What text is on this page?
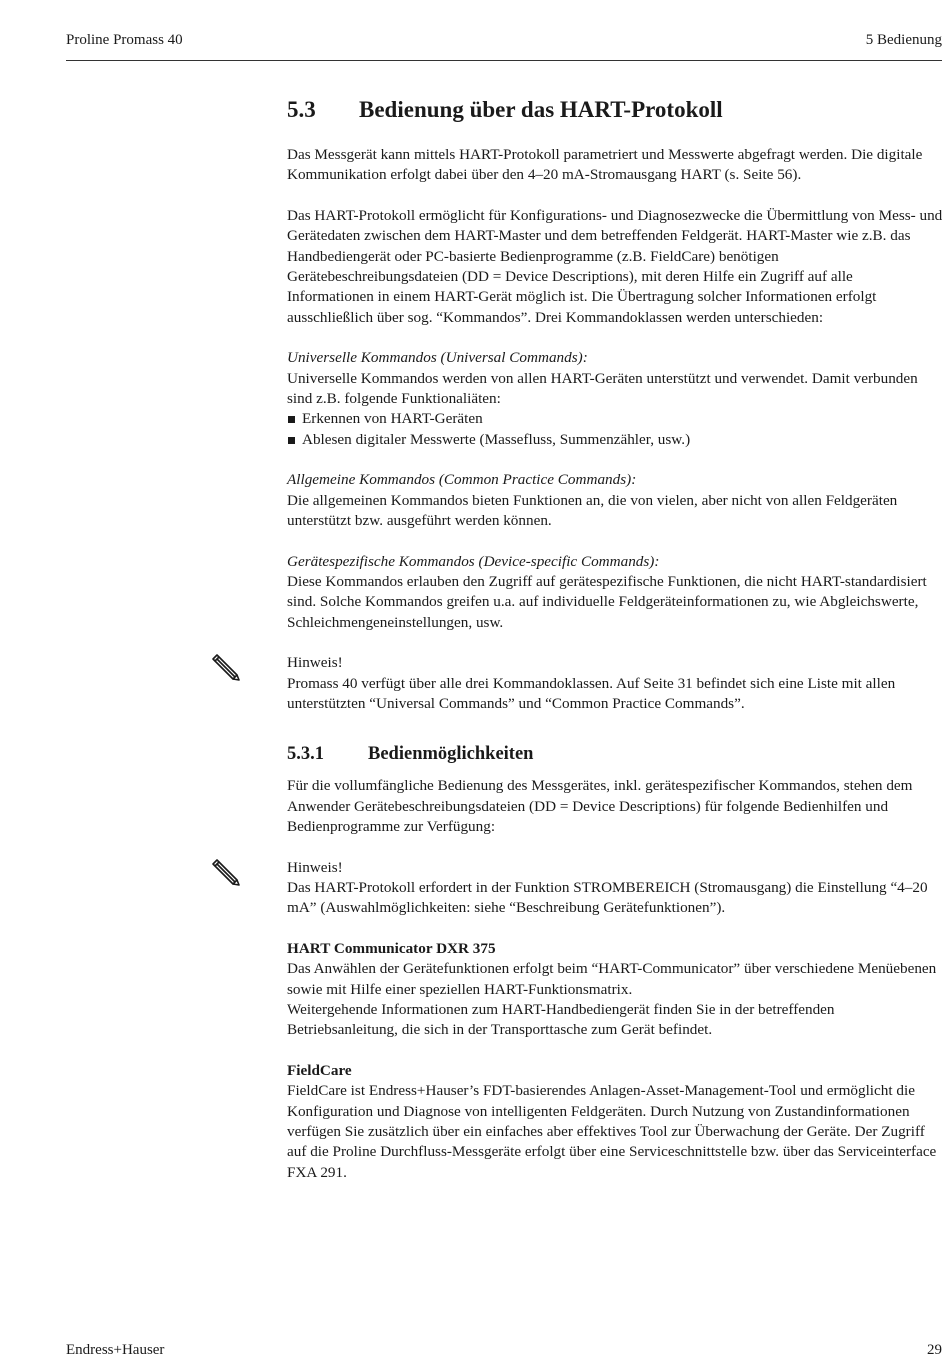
Proline Promass 40	5 Bedienung
5.3	Bedienung über das HART-Protokoll

Das Messgerät kann mittels HART-Protokoll parametriert und Messwerte abgefragt werden. Die digitale Kommunikation erfolgt dabei über den 4–20 mA-Stromausgang HART (s. Seite 56).

Das HART-Protokoll ermöglicht für Konfigurations- und Diagnosezwecke die Übermittlung von Mess- und Gerätedaten zwischen dem HART-Master und dem betreffenden Feldgerät. HART-Master wie z.B. das Handbediengerät oder PC-basierte Bedienprogramme (z.B. FieldCare) benötigen Gerätebeschreibungsdateien (DD = Device Descriptions), mit deren Hilfe ein Zugriff auf alle Informationen in einem HART-Gerät möglich ist. Die Übertragung solcher Informationen erfolgt ausschließlich über sog. “Kommandos”. Drei Kommandoklassen werden unterschieden:

Universelle Kommandos (Universal Commands):

Universelle Kommandos werden von allen HART-Geräten unterstützt und verwendet. Damit verbunden sind z.B. folgende Funktionaliäten:

Erkennen von HART-Geräten
Ablesen digitaler Messwerte (Massefluss, Summenzähler, usw.)

Allgemeine Kommandos (Common Practice Commands):

Die allgemeinen Kommandos bieten Funktionen an, die von vielen, aber nicht von allen Feldgeräten unterstützt bzw. ausgeführt werden können.

Gerätespezifische Kommandos (Device-specific Commands):

Diese Kommandos erlauben den Zugriff auf gerätespezifische Funktionen, die nicht HART-standardisiert sind. Solche Kommandos greifen u.a. auf individuelle Feldgeräteinformationen zu, wie Abgleichswerte, Schleichmengeneinstellungen, usw.

Hinweis!

Promass 40 verfügt über alle drei Kommandoklassen. Auf Seite 31 befindet sich eine Liste mit allen unterstützten “Universal Commands” und “Common Practice Commands”.

5.3.1	Bedienmöglichkeiten

Für die vollumfängliche Bedienung des Messgerätes, inkl. gerätespezifischer Kommandos, stehen dem Anwender Gerätebeschreibungsdateien (DD = Device Descriptions) für folgende Bedienhilfen und Bedienprogramme zur Verfügung:

Hinweis!

Das HART-Protokoll erfordert in der Funktion STROMBEREICH (Stromausgang) die Einstellung “4–20 mA” (Auswahlmöglichkeiten: siehe “Beschreibung Gerätefunktionen”).

HART Communicator DXR 375

Das Anwählen der Gerätefunktionen erfolgt beim “HART-Communicator” über verschiedene Menüebenen sowie mit Hilfe einer speziellen HART-Funktionsmatrix.

Weitergehende Informationen zum HART-Handbediengerät finden Sie in der betreffenden Betriebsanleitung, die sich in der Transporttasche zum Gerät befindet.

FieldCare

FieldCare ist Endress+Hauser’s FDT-basierendes Anlagen-Asset-Management-Tool und ermöglicht die Konfiguration und Diagnose von intelligenten Feldgeräten. Durch Nutzung von Zustandinformationen verfügen Sie zusätzlich über ein einfaches aber effektives Tool zur Überwachung der Geräte. Der Zugriff auf die Proline Durchfluss-Messgeräte erfolgt über eine Serviceschnittstelle bzw. über das Serviceinterface FXA 291.

Endress+Hauser	29
